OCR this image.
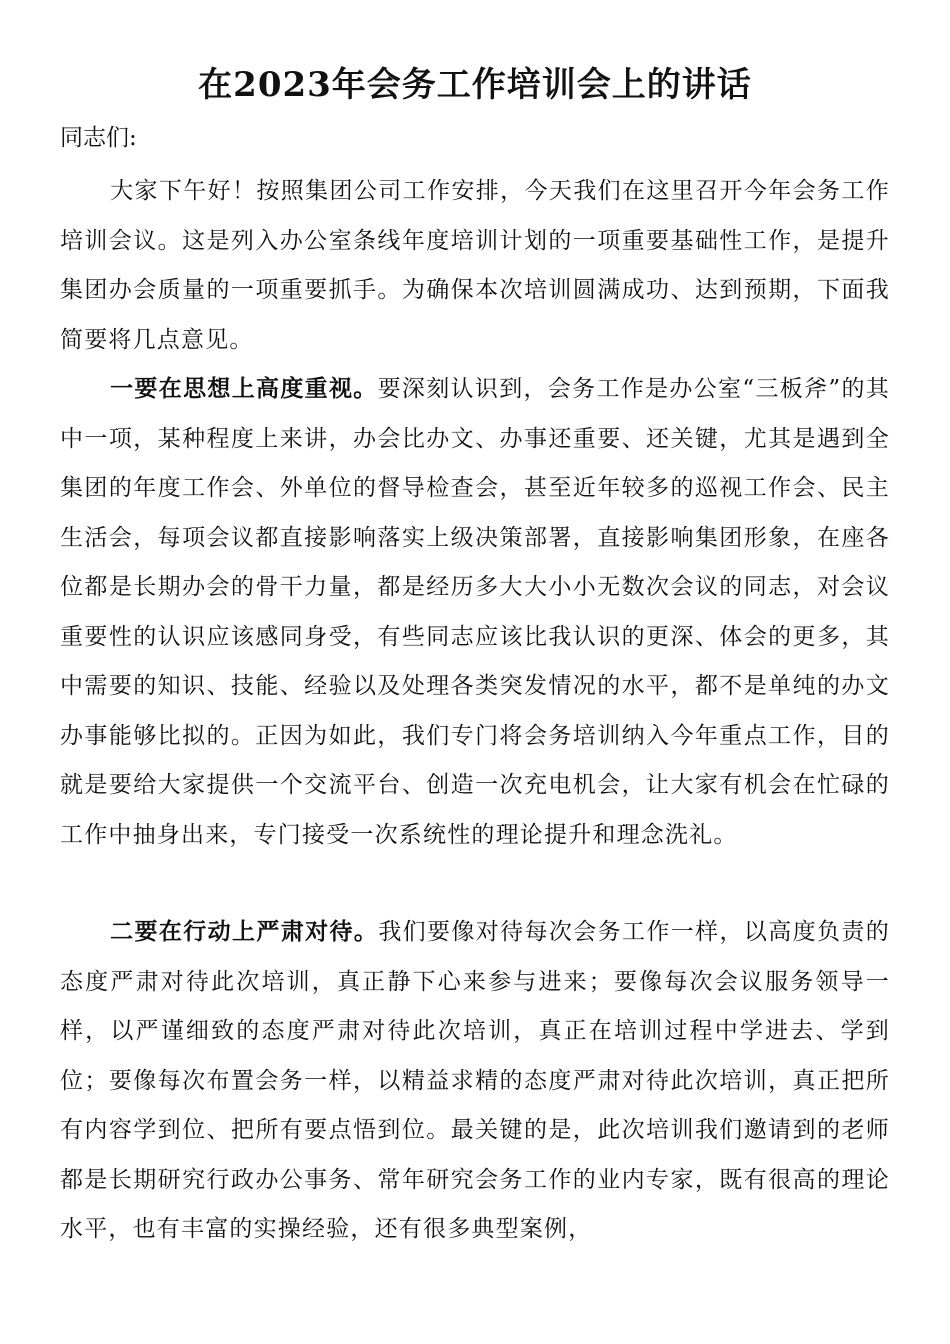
在2023年会务工作培训会上的讲话
同志们:
大家下午好！按照集团公司工作安排，今天我们在这里召开今年会务工作培训会议。这是列入办公室条线年度培训计划的一项重要基础性工作，是提升集团办会质量的一项重要抓手。为确保本次培训圆满成功、达到预期，下面我简要将几点意见。
一要在思想上高度重视。要深刻认识到，会务工作是办公室“三板斧”的其中一项，某种程度上来讲，办会比办文、办事还重要、还关键，尤其是遇到全集团的年度工作会、外单位的督导检查会，甚至近年较多的巡视工作会、民主生活会，每项会议都直接影响落实上级决策部署，直接影响集团形象，在座各位都是长期办会的骨干力量，都是经历多大大小小无数次会议的同志，对会议重要性的认识应该感同身受，有些同志应该比我认识的更深、体会的更多，其中需要的知识、技能、经验以及处理各类突发情况的水平，都不是单纯的办文办事能够比拟的。正因为如此，我们专门将会务培训纳入今年重点工作，目的就是要给大家提供一个交流平台、创造一次充电机会，让大家有机会在忙碌的工作中抽身出来，专门接受一次系统性的理论提升和理念洗礼。
二要在行动上严肃对待。我们要像对待每次会务工作一样，以高度负责的态度严肃对待此次培训，真正静下心来参与进来；要像每次会议服务领导一样，以严谨细致的态度严肃对待此次培训，真正在培训过程中学进去、学到位；要像每次布置会务一样，以精益求精的态度严肃对待此次培训，真正把所有内容学到位、把所有要点悟到位。最关键的是，此次培训我们邀请到的老师都是长期研究行政办公事务、常年研究会务工作的业内专家，既有很高的理论水平，也有丰富的实操经验，还有很多典型案例，
